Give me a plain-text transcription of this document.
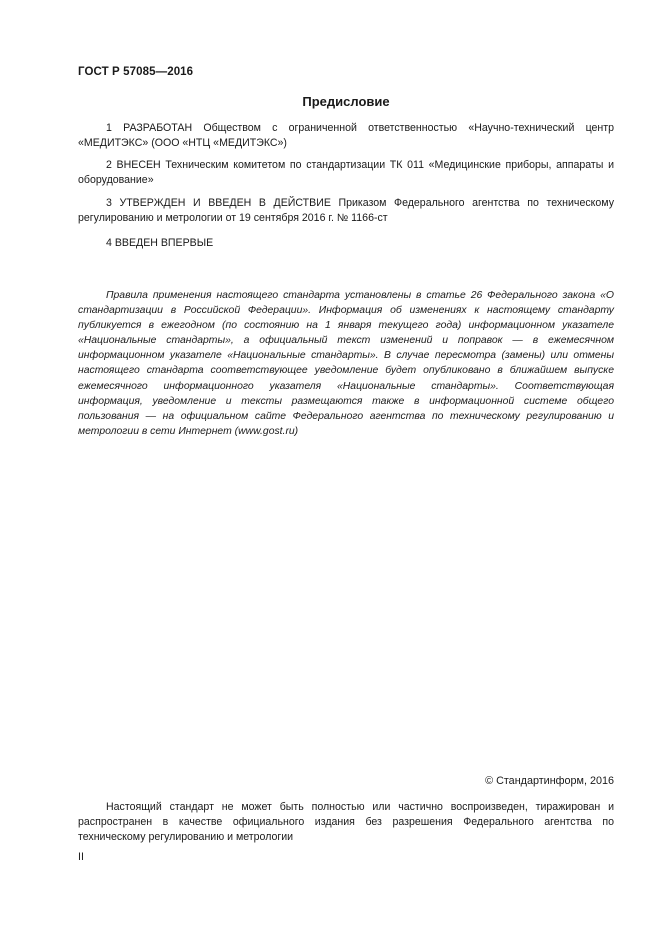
ГОСТ Р 57085—2016
Предисловие

1 РАЗРАБОТАН Обществом с ограниченной ответственностью «Научно-технический центр «МЕДИТЭКС» (ООО «НТЦ «МЕДИТЭКС»)

2 ВНЕСЕН Техническим комитетом по стандартизации ТК 011 «Медицинские приборы, аппараты и оборудование»

3 УТВЕРЖДЕН И ВВЕДЕН В ДЕЙСТВИЕ Приказом Федерального агентства по техническому регулированию и метрологии от 19 сентября 2016 г. № 1166-ст

4 ВВЕДЕН ВПЕРВЫЕ

Правила применения настоящего стандарта установлены в статье 26 Федерального закона «О стандартизации в Российской Федерации». Информация об изменениях к настоящему стандарту публикуется в ежегодном (по состоянию на 1 января текущего года) информационном указателе «Национальные стандарты», а официальный текст изменений и поправок — в ежемесячном информационном указателе «Национальные стандарты». В случае пересмотра (замены) или отмены настоящего стандарта соответствующее уведомление будет опубликовано в ближайшем выпуске ежемесячного информационного указателя «Национальные стандарты». Соответствующая информация, уведомление и тексты размещаются также в информационной системе общего пользования — на официальном сайте Федерального агентства по техническому регулированию и метрологии в сети Интернет (www.gost.ru)

© Стандартинформ, 2016

Настоящий стандарт не может быть полностью или частично воспроизведен, тиражирован и распространен в качестве официального издания без разрешения Федерального агентства по техническому регулированию и метрологии

II
